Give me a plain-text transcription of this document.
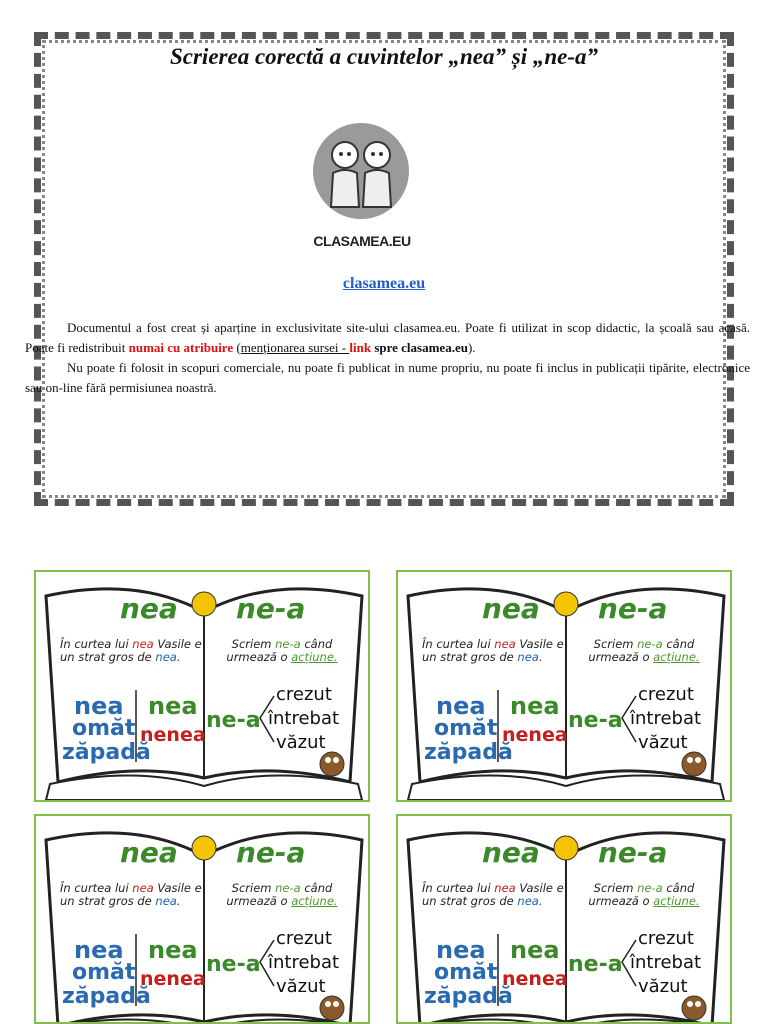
Scrierea corectă a cuvintelor „nea” și „ne-a”
CLASAMEA.EU
clasamea.eu
Documentul a fost creat și aparține in exclusivitate site-ului clasamea.eu. Poate fi utilizat in scop didactic, la școală sau acasă. Poate fi redistribuit numai cu atribuire (menționarea sursei - link spre clasamea.eu).
Nu poate fi folosit in scopuri comerciale, nu poate fi publicat in nume propriu, nu poate fi inclus in publicații tipărite, electronice sau on-line fără permisiunea noastră.
nea ne-a
În curtea lui nea Vasile e un strat gros de nea.
Scriem ne-a când urmează o acțiune.
nea
omăt
zăpadă
nea
nenea
ne-a
crezut
întrebat
văzut
nea ne-a
În curtea lui nea Vasile e un strat gros de nea.
Scriem ne-a când urmează o acțiune.
nea
omăt
zăpadă
nea
nenea
ne-a
crezut
întrebat
văzut
nea ne-a
În curtea lui nea Vasile e un strat gros de nea.
Scriem ne-a când urmează o acțiune.
nea
omăt
zăpadă
nea
nenea
ne-a
crezut
întrebat
văzut
nea ne-a
În curtea lui nea Vasile e un strat gros de nea.
Scriem ne-a când urmează o acțiune.
nea
omăt
zăpadă
nea
nenea
ne-a
crezut
întrebat
văzut
